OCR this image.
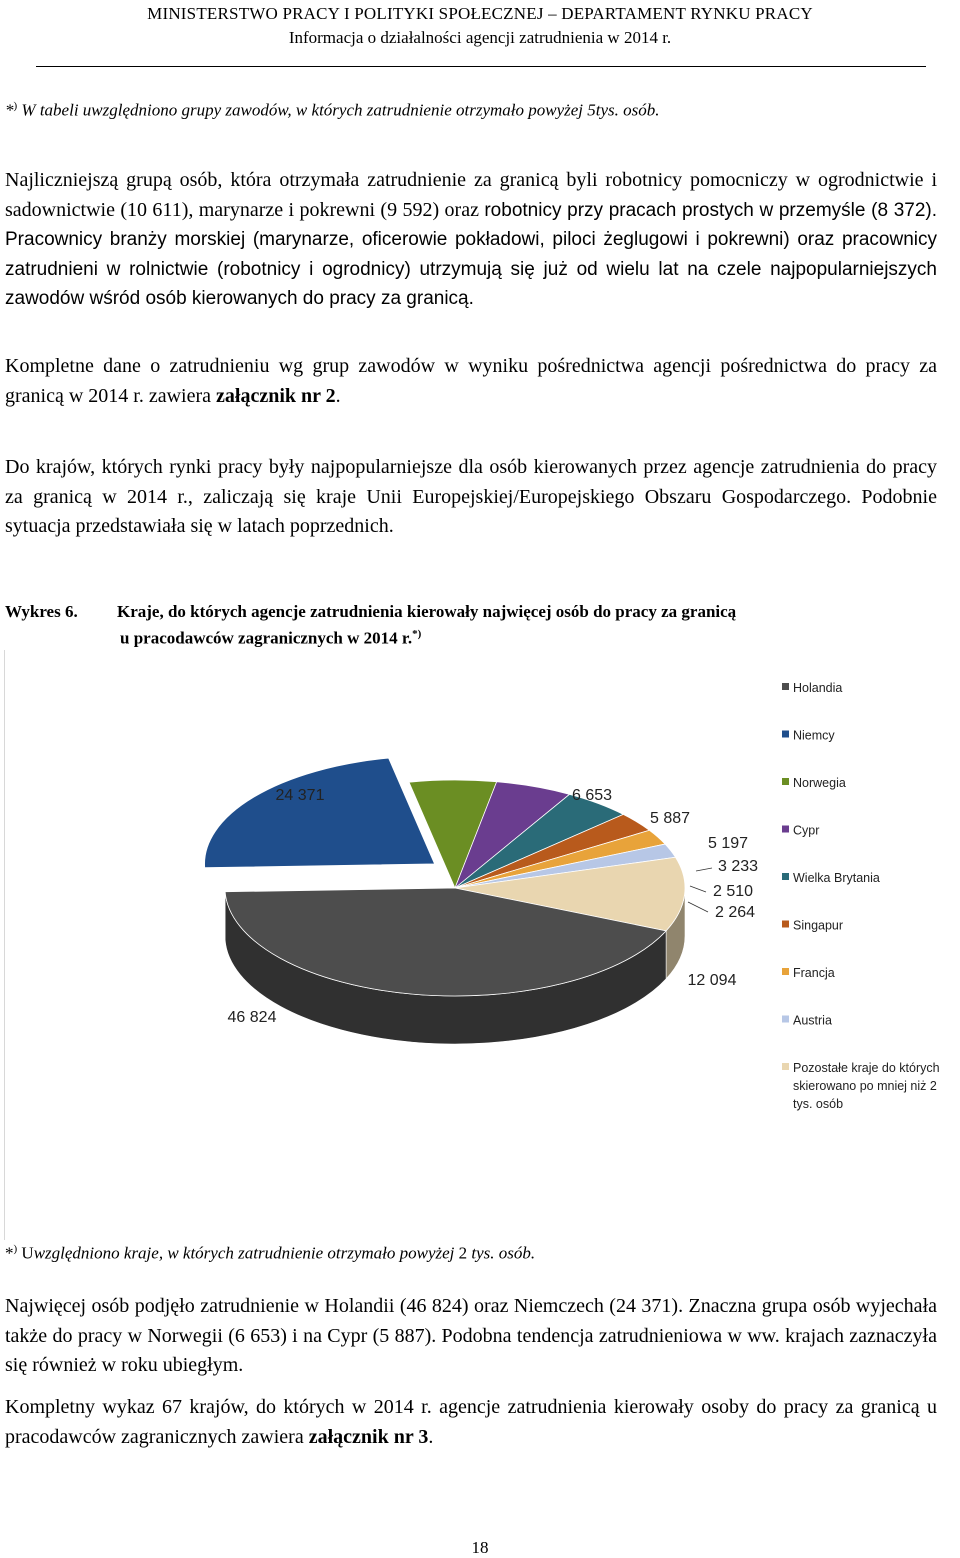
MINISTERSTWO PRACY I POLITYKI SPOŁECZNEJ – DEPARTAMENT RYNKU PRACY
Informacja o działalności agencji zatrudnienia w 2014 r.
*) W tabeli uwzględniono grupy zawodów, w których zatrudnienie otrzymało powyżej 5tys. osób.

Najliczniejszą grupą osób, która otrzymała zatrudnienie za granicą byli robotnicy pomocniczy w ogrodnictwie i sadownictwie (10 611), marynarze i pokrewni (9 592) oraz robotnicy przy pracach prostych w przemyśle (8 372). Pracownicy branży morskiej (marynarze, oficerowie pokładowi, piloci żeglugowi i pokrewni) oraz pracownicy zatrudnieni w rolnictwie (robotnicy i ogrodnicy) utrzymują się już od wielu lat na czele najpopularniejszych zawodów wśród osób kierowanych do pracy za granicą.

Kompletne dane o zatrudnieniu wg grup zawodów w wyniku pośrednictwa agencji pośrednictwa do pracy za granicą w 2014 r. zawiera załącznik nr 2.

Do krajów, których rynki pracy były najpopularniejsze dla osób kierowanych przez agencje zatrudnienia do pracy za granicą w 2014 r., zaliczają się kraje Unii Europejskiej/Europejskiego Obszaru Gospodarczego. Podobnie sytuacja przedstawiała się w latach poprzednich.

Wykres 6. Kraje, do których agencje zatrudnienia kierowały najwięcej osób do pracy za granicą
u pracodawców zagranicznych w 2014 r.*)
46 824
24 371	6 653
5 887
5 197
3 233
2 510
2 264
12 094
Holandia
Niemcy
Norwegia
Cypr
Wielka Brytania
Singapur
Francja
Austria
Pozostałe kraje do których skierowano po mniej niż 2 tys. osób
*) Uwzględniono kraje, w których zatrudnienie otrzymało powyżej 2 tys. osób.

Najwięcej osób podjęło zatrudnienie w Holandii (46 824) oraz Niemczech (24 371). Znaczna grupa osób wyjechała także do pracy w Norwegii (6 653) i na Cypr (5 887). Podobna tendencja zatrudnieniowa w ww. krajach zaznaczyła się również w roku ubiegłym.

Kompletny wykaz 67 krajów, do których w 2014 r. agencje zatrudnienia kierowały osoby do pracy za granicą u pracodawców zagranicznych zawiera załącznik nr 3.

18
